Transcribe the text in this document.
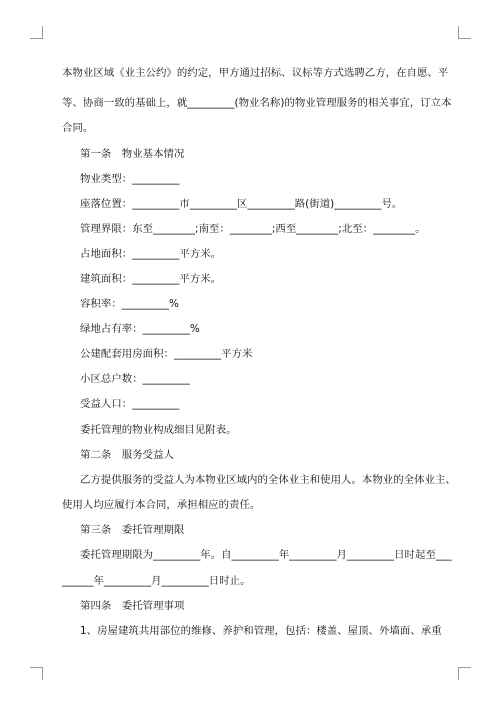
本物业区域《业主公约》的约定，甲方通过招标、议标等方式选聘乙方，在自愿、平
等、协商一致的基础上，就_________(物业名称)的物业管理服务的相关事宜，订立本
合同。
第一条　物业基本情况
物业类型：_________
座落位置：_________市_________区_________路(街道)_________号。
管理界限：东至________;南至：________;西至________;北至：________。
占地面积：_________平方米。
建筑面积：_________平方米。
容积率：_________%
绿地占有率：_________%
公建配套用房面积：_________平方米
小区总户数：_________
受益人口：_________
委托管理的物业构成细目见附表。
第二条　服务受益人
乙方提供服务的受益人为本物业区域内的全体业主和使用人。本物业的全体业主、
使用人均应履行本合同，承担相应的责任。
第三条　委托管理期限
委托管理期限为_________年。自_________年_________月_________日时起至___
______年_________月_________日时止。
第四条　委托管理事项
1、房屋建筑共用部位的维修、养护和管理，包括：楼盖、屋顶、外墙面、承重
